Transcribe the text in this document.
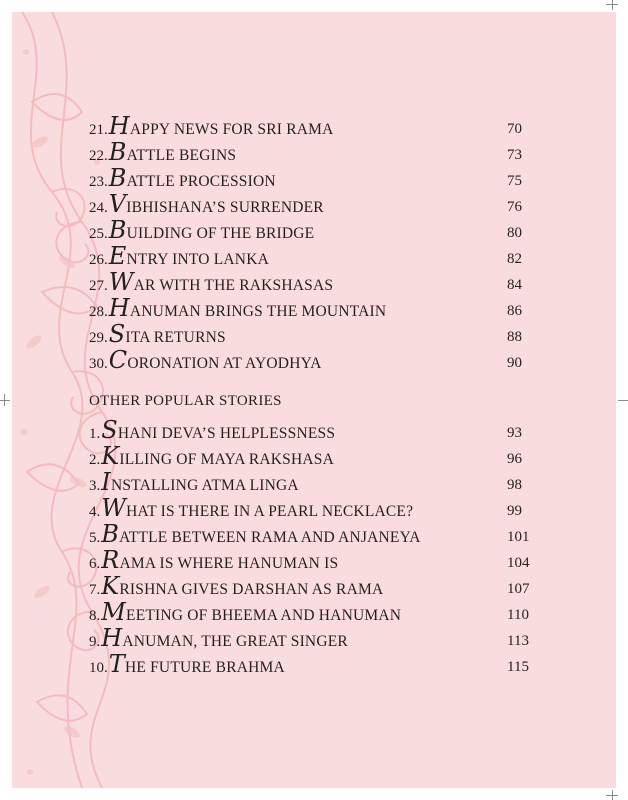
21. HAPPY NEWS FOR SRI RAMA	70
22. BATTLE BEGINS	73
23. BATTLE PROCESSION	75
24. VIBHISHANA’S SURRENDER	76
25. BUILDING OF THE BRIDGE	80
26. ENTRY INTO LANKA	82
27. WAR WITH THE RAKSHASAS	84
28. HANUMAN BRINGS THE MOUNTAIN	86
29. SITA RETURNS	88
30. CORONATION AT AYODHYA	90
OTHER POPULAR STORIES
1. SHANI DEVA’S HELPLESSNESS	93
2. KILLING OF MAYA RAKSHASA	96
3. INSTALLING ATMA LINGA	98
4. WHAT IS THERE IN A PEARL NECKLACE?	99
5. BATTLE BETWEEN RAMA AND ANJANEYA	101
6. RAMA IS WHERE HANUMAN IS	104
7. KRISHNA GIVES DARSHAN AS RAMA	107
8. MEETING OF BHEEMA AND HANUMAN	110
9. HANUMAN, THE GREAT SINGER	113
10. THE FUTURE BRAHMA	115
